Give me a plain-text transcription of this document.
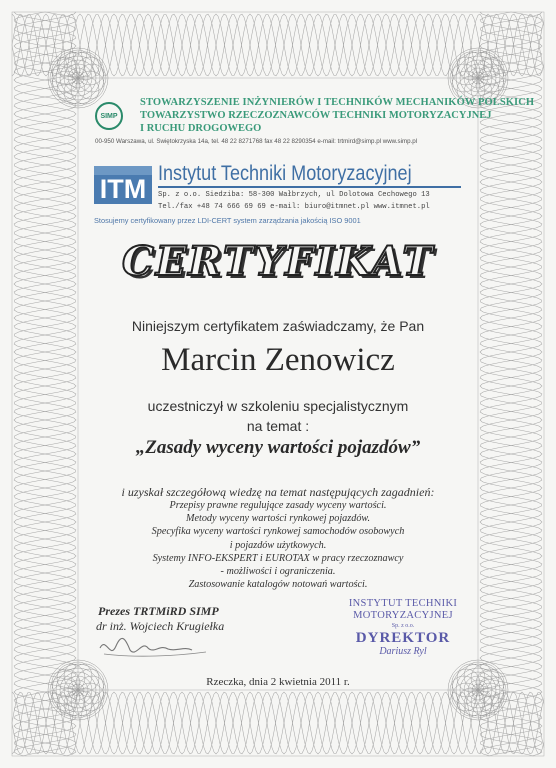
SIMP
STOWARZYSZENIE INŻYNIERÓW I TECHNIKÓW MECHANIKÓW POLSKICH
TOWARZYSTWO RZECZOZNAWCÓW TECHNIKI MOTORYZACYJNEJ
I RUCHU DROGOWEGO
00-950 Warszawa, ul. Świętokrzyska 14a, tel. 48 22 8271768 fax 48 22 8290354 e-mail: trtmird@simp.pl www.simp.pl
ITM
Instytut Techniki Motoryzacyjnej
Sp. z o.o. Siedziba: 58-300 Wałbrzych, ul Dolotowa Cechowego 13
Tel./fax +48 74 666 69 69 e-mail: biuro@itmnet.pl www.itmnet.pl
Stosujemy certyfikowany przez LDI-CERT system zarządzania jakością ISO 9001
CERTYFIKAT
Niniejszym certyfikatem zaświadczamy, że Pan
Marcin Zenowicz
uczestniczył w szkoleniu specjalistycznym
na temat :
„Zasady wyceny wartości pojazdów”
i uzyskał szczegółową wiedzę na temat następujących zagadnień:
Przepisy prawne regulujące zasady wyceny wartości.
Metody wyceny wartości rynkowej pojazdów.
Specyfika wyceny wartości rynkowej samochodów osobowych
i pojazdów użytkowych.
Systemy INFO-EKSPERT i EUROTAX w pracy rzeczoznawcy
- możliwości i ograniczenia.
Zastosowanie katalogów notowań wartości.
Prezes TRTMiRD SIMP
dr inż. Wojciech Krugiełka
INSTYTUT TECHNIKI
MOTORYZACYJNEJ
Sp. z o.o.
DYREKTOR
Dariusz Ryl
Rzeczka, dnia 2 kwietnia 2011 r.
